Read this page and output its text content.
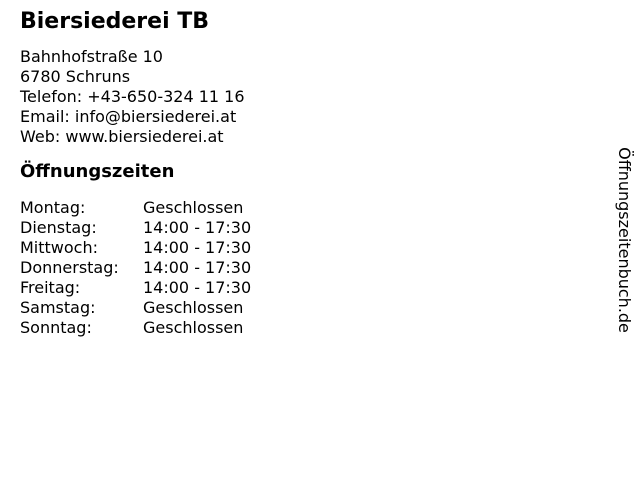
Biersiederei TB
Bahnhofstraße 10
6780 Schruns
Telefon: +43-650-324 11 16
Email: info@biersiederei.at
Web: www.biersiederei.at
Öffnungszeiten
Montag:	Geschlossen
Dienstag:	14:00 - 17:30
Mittwoch:	14:00 - 17:30
Donnerstag:	14:00 - 17:30
Freitag:	14:00 - 17:30
Samstag:	Geschlossen
Sonntag:	Geschlossen	Öffnungszeitenbuch.de
